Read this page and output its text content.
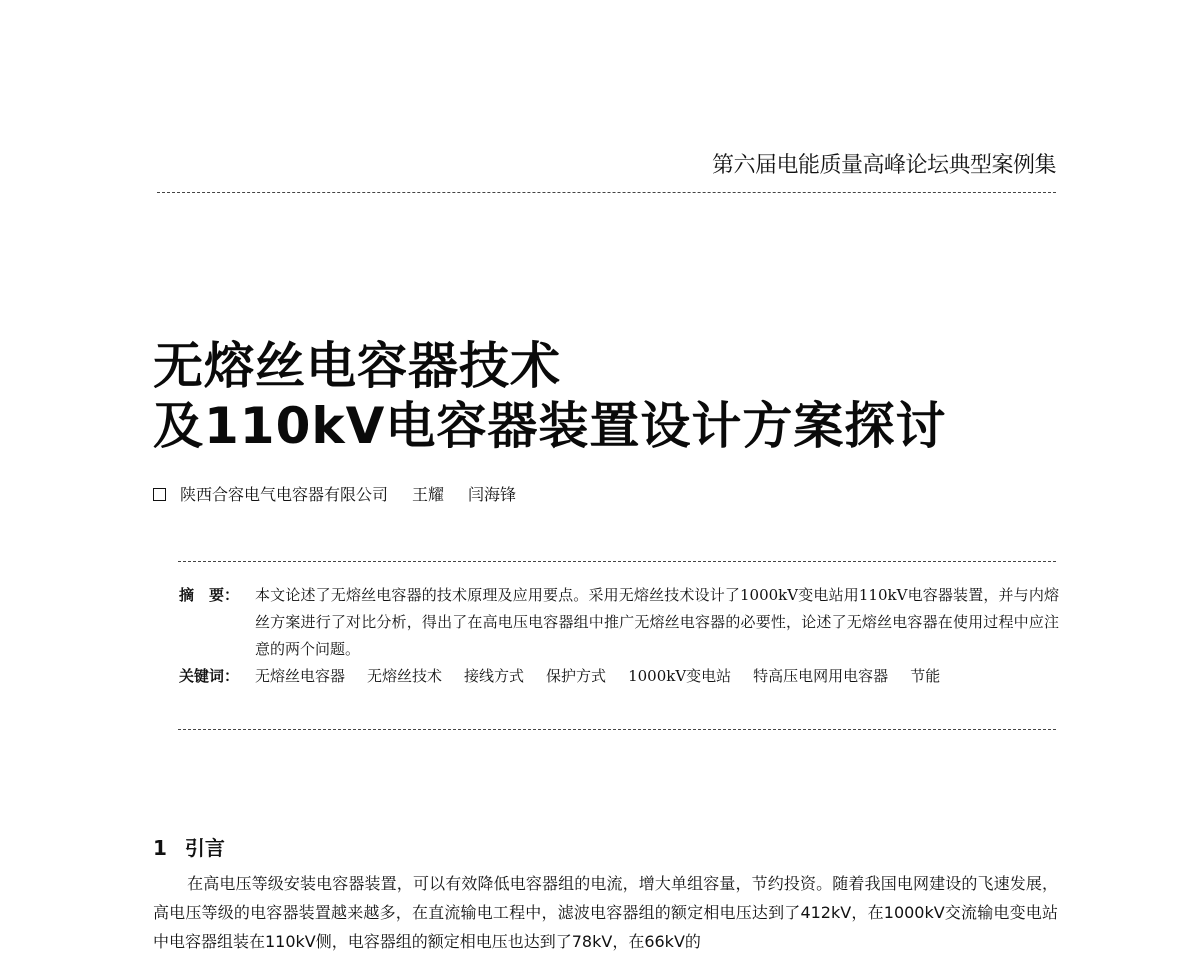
第六届电能质量高峰论坛典型案例集
无熔丝电容器技术
及110kV电容器装置设计方案探讨
陕西合容电气电容器有限公司 王耀 闫海锋
摘　要：	本文论述了无熔丝电容器的技术原理及应用要点。采用无熔丝技术设计了1000kV变电站用110kV电容器装置，并与内熔丝方案进行了对比分析，得出了在高电压电容器组中推广无熔丝电容器的必要性，论述了无熔丝电容器在使用过程中应注意的两个问题。
关键词：	无熔丝电容器 无熔丝技术 接线方式 保护方式 1000kV变电站 特高压电网用电容器 节能
1 引言
在高电压等级安装电容器装置，可以有效降低电容器组的电流，增大单组容量，节约投资。随着我国电网建设的飞速发展，高电压等级的电容器装置越来越多，在直流输电工程中，滤波电容器组的额定相电压达到了412kV，在1000kV交流输电变电站中电容器组装在110kV侧，电容器组的额定相电压也达到了78kV，在66kV的
